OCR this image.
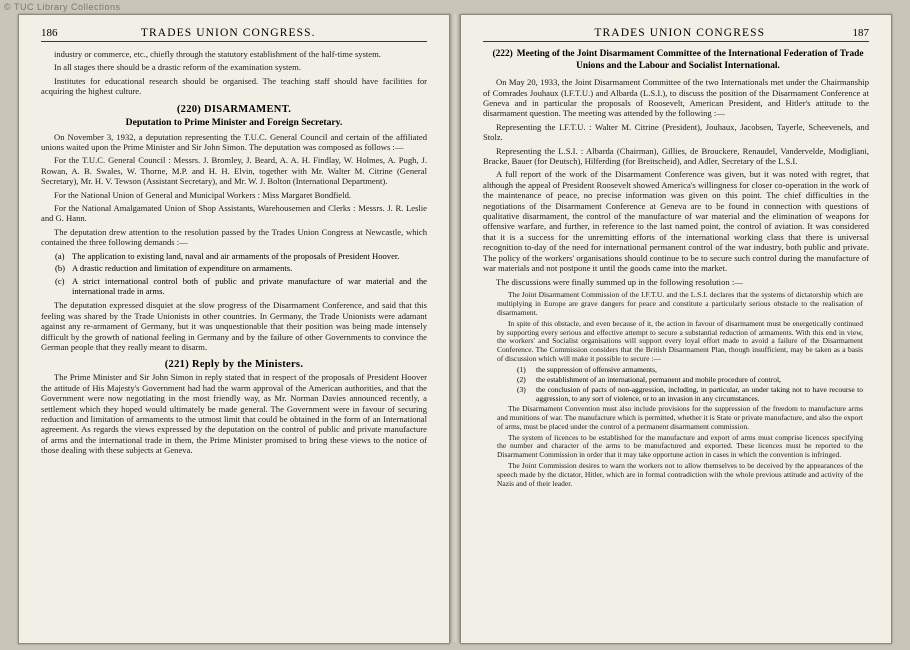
© TUC Library Collections
186	TRADES UNION CONGRESS.

industry or commerce, etc., chiefly through the statutory establishment of the half-time system.

In all stages there should be a drastic reform of the examination system.

Institutes for educational research should be organised. The teaching staff should have facilities for acquiring the highest culture.

(220) DISARMAMENT.
Deputation to Prime Minister and Foreign Secretary.

On November 3, 1932, a deputation representing the T.U.C. General Council and certain of the affiliated unions waited upon the Prime Minister and Sir John Simon. The deputation was composed as follows :—

For the T.U.C. General Council : Messrs. J. Bromley, J. Beard, A. A. H. Findlay, W. Holmes, A. Pugh, J. Rowan, A. B. Swales, W. Thorne, M.P. and H. H. Elvin, together with Mr. Walter M. Citrine (General Secretary), Mr. H. V. Tewson (Assistant Secretary), and Mr. W. J. Bolton (International Department).

For the National Union of General and Municipal Workers : Miss Margaret Bondfield.

For the National Amalgamated Union of Shop Assistants, Warehousemen and Clerks : Messrs. J. R. Leslie and G. Hann.

The deputation drew attention to the resolution passed by the Trades Union Congress at Newcastle, which contained the three following demands :—

(a) The application to existing land, naval and air armaments of the proposals of President Hoover.
(b) A drastic reduction and limitation of expenditure on armaments.
(c) A strict international control both of public and private manufacture of war material and the international trade in arms.

The deputation expressed disquiet at the slow progress of the Disarmament Conference, and said that this feeling was shared by the Trade Unionists in other countries. In Germany, the Trade Unionists were adamant against any re-armament of Germany, but it was unquestionable that their position was being made intensely difficult by the growth of national feeling in Germany and by the failure of other Governments to convince the German people that they really meant to disarm.

(221) Reply by the Ministers.

The Prime Minister and Sir John Simon in reply stated that in respect of the proposals of President Hoover the attitude of His Majesty's Government had had the warm approval of the American authorities, and that the Government were now negotiating in the most friendly way, as Mr. Norman Davies announced recently, a settlement which they hoped would ultimately be made general. The Government were in favour of securing reduction and limitation of armaments to the utmost limit that could be obtained in the form of an International agreement. As regards the views expressed by the deputation on the control of public and private manufacture of arms and the international trade in them, the Prime Minister promised to bring these views to the notice of those dealing with these subjects at Geneva.

TRADES UNION CONGRESS	187
(222) Meeting of the Joint Disarmament Committee of the International Federation of Trade Unions and the Labour and Socialist International.

On May 20, 1933, the Joint Disarmament Committee of the two Internationals met under the Chairmanship of Comrades Jouhaux (I.F.T.U.) and Albarda (L.S.I.), to discuss the position of the Disarmament Conference at Geneva and in particular the proposals of Roosevelt, American President, and Hitler's attitude to the disarmament question. The meeting was attended by the following :—

Representing the I.F.T.U. : Walter M. Citrine (President), Jouhaux, Jacobsen, Tayerle, Scheevenels, and Stolz.

Representing the L.S.I. : Albarda (Chairman), Gillies, de Brouckere, Renaudel, Vandervelde, Modigliani, Bracke, Bauer (for Deutsch), Hilferding (for Breitscheid), and Adler, Secretary of the L.S.I.

A full report of the work of the Disarmament Conference was given, but it was noted with regret, that although the appeal of President Roosevelt showed America's willingness for closer co-operation in the work of the maintenance of peace, no precise information was given on this point. The chief difficulties in the negotiations of the Disarmament Conference at Geneva are to be found in connection with questions of qualitative disarmament, the control of the manufacture of war material and the elimination of weapons for offensive warfare, and further, in reference to the last named point, the control of aviation. It was considered that it is a success for the unremitting efforts of the international working class that there is universal recognition to-day of the need for international permanent control of the war industry, both public and private. The policy of the workers' organisations should continue to be to secure such control during the manufacture of war materials and not postpone it until the goods came into the market.

The discussions were finally summed up in the following resolution :—

The Joint Disarmament Commission of the I.F.T.U. and the L.S.I. declares that the systems of dictatorship which are multiplying in Europe are grave dangers for peace and constitute a particularly serious obstacle to the realisation of disarmament.

In spite of this obstacle, and even because of it, the action in favour of disarmament must be energetically continued by supporting every serious and effective attempt to secure a substantial reduction of armaments. With this end in view, the workers' and Socialist organisations will support every loyal effort made to avoid a failure of the Disarmament Conference. The Commission considers that the British Disarmament Plan, though insufficient, may be taken as a basis of discussion which will make it possible to secure :—

(1)	the suppression of offensive armaments,
(2)	the establishment of an international, permanent and mobile procedure of control,
(3)	the conclusion of pacts of non-aggression, including, in particular, an under taking not to have recourse to aggression, to any sort of violence, or to an invasion in any circumstances.

The Disarmament Convention must also include provisions for the suppression of the freedom to manufacture arms and munitions of war. The manufacture which is permitted, whether it is State or private manufacture, and also the export of arms, must be placed under the control of a permanent disarmament commission.

The system of licences to be established for the manufacture and export of arms must comprise licences specifying the number and character of the arms to be manufactured and exported. These licences must be reported to the Disarmament Commission in order that it may take opportune action in cases in which the convention is infringed.

The Joint Commission desires to warn the workers not to allow themselves to be deceived by the appearances of the speech made by the dictator, Hitler, which are in formal contradiction with the whole previous attitude and activity of the Nazis and of their leader.
